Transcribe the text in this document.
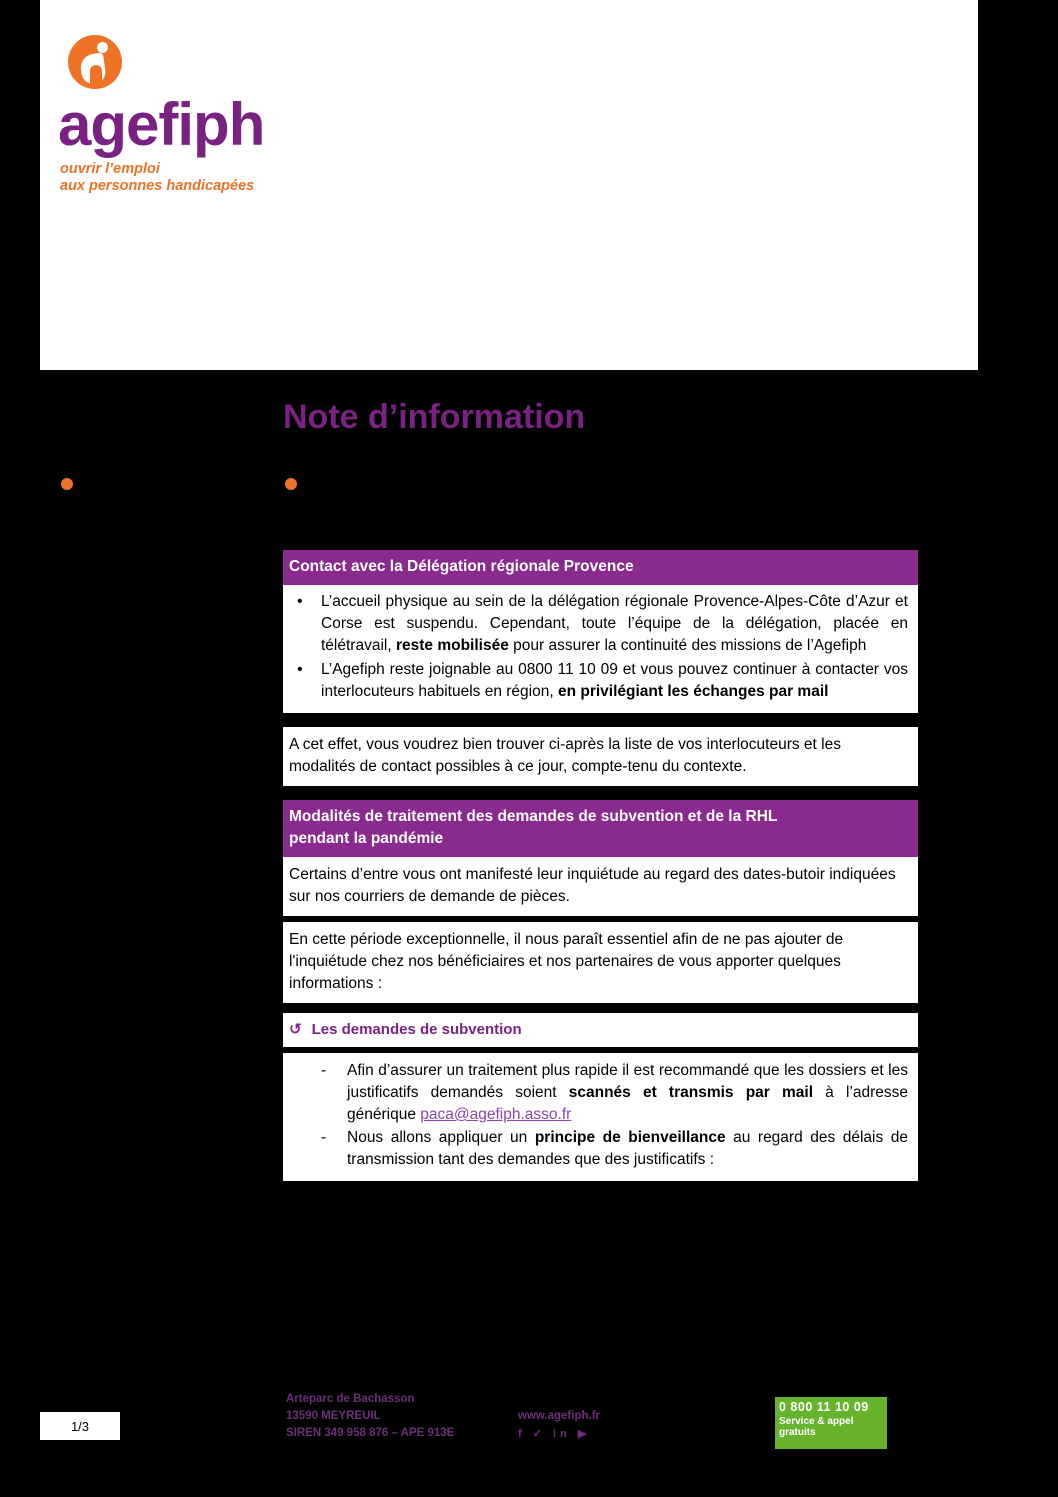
agefiph
ouvrir l’emploi
aux personnes handicapées
Note d’information
Contact avec la Délégation régionale Provence
• L’accueil physique au sein de la délégation régionale Provence-Alpes-Côte d’Azur et Corse est suspendu. Cependant, toute l’équipe de la délégation, placée en télétravail, reste mobilisée pour assurer la continuité des missions de l’Agefiph
• L’Agefiph reste joignable au 0800 11 10 09 et vous pouvez continuer à contacter vos interlocuteurs habituels en région, en privilégiant les échanges par mail
A cet effet, vous voudrez bien trouver ci-après la liste de vos interlocuteurs et les modalités de contact possibles à ce jour, compte-tenu du contexte.
Modalités de traitement des demandes de subvention et de la RHL
pendant la pandémie
Certains d’entre vous ont manifesté leur inquiétude au regard des dates-butoir indiquées sur nos courriers de demande de pièces.
En cette période exceptionnelle, il nous paraît essentiel afin de ne pas ajouter de l'inquiétude chez nos bénéficiaires et nos partenaires de vous apporter quelques informations :
↺ Les demandes de subvention
- Afin d’assurer un traitement plus rapide il est recommandé que les dossiers et les justificatifs demandés soient scannés et transmis par mail à l’adresse générique paca@agefiph.asso.fr
- Nous allons appliquer un principe de bienveillance au regard des délais de transmission tant des demandes que des justificatifs :
1/3
Arteparc de Bachasson
13590 MEYREUIL
SIREN 349 958 876 – APE 913E
www.agefiph.fr
f ✓ in ▶
0 800 11 10 09
Service & appel
gratuits
